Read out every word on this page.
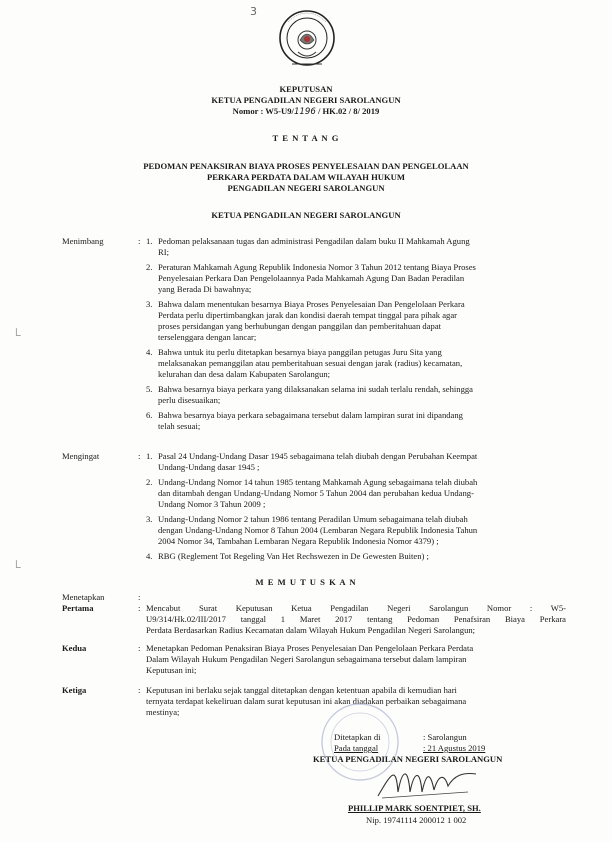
3
KEPUTUSAN
KETUA PENGADILAN NEGERI SAROLANGUN
Nomor : W5-U9/1196 / HK.02 / 8/ 2019
T E N T A N G
PEDOMAN PENAKSIRAN BIAYA PROSES PENYELESAIAN DAN PENGELOLAAN
PERKARA PERDATA DALAM WILAYAH HUKUM
PENGADILAN NEGERI SAROLANGUN
KETUA PENGADILAN NEGERI SAROLANGUN
Menimbang	: 1. Pedoman pelaksanaan tugas dan administrasi Pengadilan dalam buku II Mahkamah Agung
RI;
2. Peraturan Mahkamah Agung Republik Indonesia Nomor 3 Tahun 2012 tentang Biaya Proses
Penyelesaian Perkara Dan Pengelolaannya Pada Mahkamah Agung Dan Badan Peradilan
yang Berada Di bawahnya;
3. Bahwa dalam menentukan besarnya Biaya Proses Penyelesaian Dan Pengelolaan Perkara
Perdata perlu dipertimbangkan jarak dan kondisi daerah tempat tinggal para pihak agar
proses persidangan yang berhubungan dengan panggilan dan pemberitahuan dapat
terselenggara dengan lancar;
4. Bahwa untuk itu perlu ditetapkan besarnya biaya panggilan petugas Juru Sita yang
melaksanakan pemanggilan atau pemberitahuan sesuai dengan jarak (radius) kecamatan,
kelurahan dan desa dalam Kabupaten Sarolangun;
5. Bahwa besarnya biaya perkara yang dilaksanakan selama ini sudah terlalu rendah, sehingga
perlu disesuaikan;
6. Bahwa besarnya biaya perkara sebagaimana tersebut dalam lampiran surat ini dipandang
telah sesuai;
Mengingat	: 1. Pasal 24 Undang-Undang Dasar 1945 sebagaimana telah diubah dengan Perubahan Keempat
Undang-Undang dasar 1945 ;
2. Undang-Undang Nomor 14 tahun 1985 tentang Mahkamah Agung sebagaimana telah diubah
dan ditambah dengan Undang-Undang Nomor 5 Tahun 2004 dan perubahan kedua Undang-
Undang Nomor 3 Tahun 2009 ;
3. Undang-Undang Nomor 2 tahun 1986 tentang Peradilan Umum sebagaimana telah diubah
dengan Undang-Undang Nomor 8 Tahun 2004 (Lembaran Negara Republik Indonesia Tahun
2004 Nomor 34, Tambahan Lembaran Negara Republik Indonesia Nomor 4379) ;
4. RBG (Reglement Tot Regeling Van Het Rechswezen in De Gewesten Buiten) ;
M E M U T U S K A N
Menetapkan	:
Pertama	: Mencabut Surat Keputusan Ketua Pengadilan Negeri Sarolangun Nomor : W5-
U9/314/Hk.02/III/2017 tanggal 1 Maret 2017 tentang Pedoman Penafsiran Biaya Perkara
Perdata Berdasarkan Radius Kecamatan dalam Wilayah Hukum Pengadilan Negeri Sarolangun;
Kedua	: Menetapkan Pedoman Penaksiran Biaya Proses Penyelesaian Dan Pengelolaan Perkara Perdata
Dalam Wilayah Hukum Pengadilan Negeri Sarolangun sebagaimana tersebut dalam lampiran
Keputusan ini;
Ketiga	: Keputusan ini berlaku sejak tanggal ditetapkan dengan ketentuan apabila di kemudian hari
ternyata terdapat kekeliruan dalam surat keputusan ini akan diadakan perbaikan sebagaimana
mestinya;
Ditetapkan di	: Sarolangun
Pada tanggal	: 21 Agustus 2019
KETUA PENGADILAN NEGERI SAROLANGUN
PHILLIP MARK SOENTPIET, SH.
Nip. 19741114 200012 1 002
└
└
